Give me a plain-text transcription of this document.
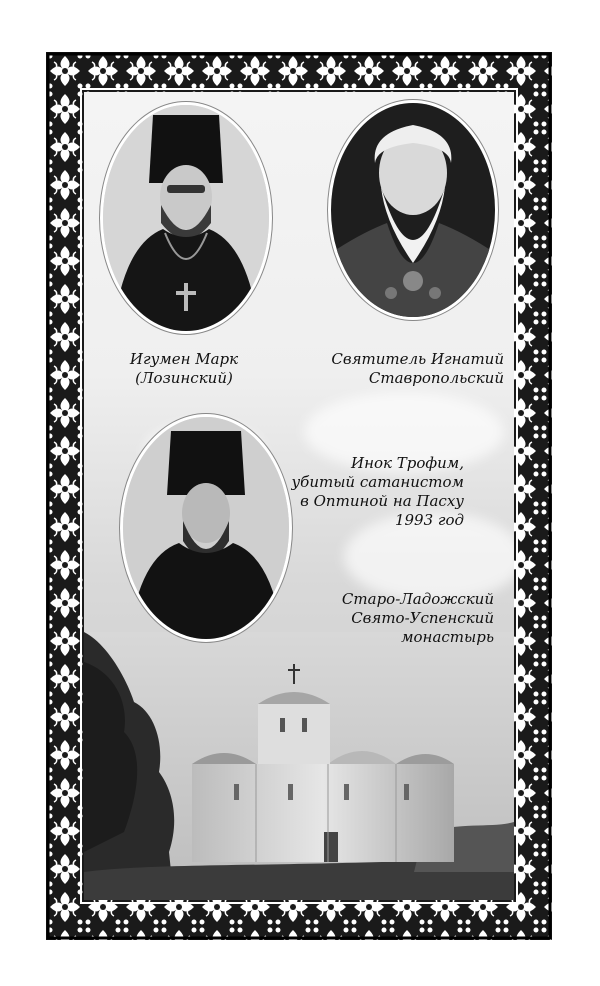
Игумен Марк
(Лозинский)
Святитель Игнатий
Ставропольский
Инок Трофим,
убитый сатанистом
в Оптиной на Пасху
1993 год
Старо-Ладожский
Свято-Успенский
монастырь
